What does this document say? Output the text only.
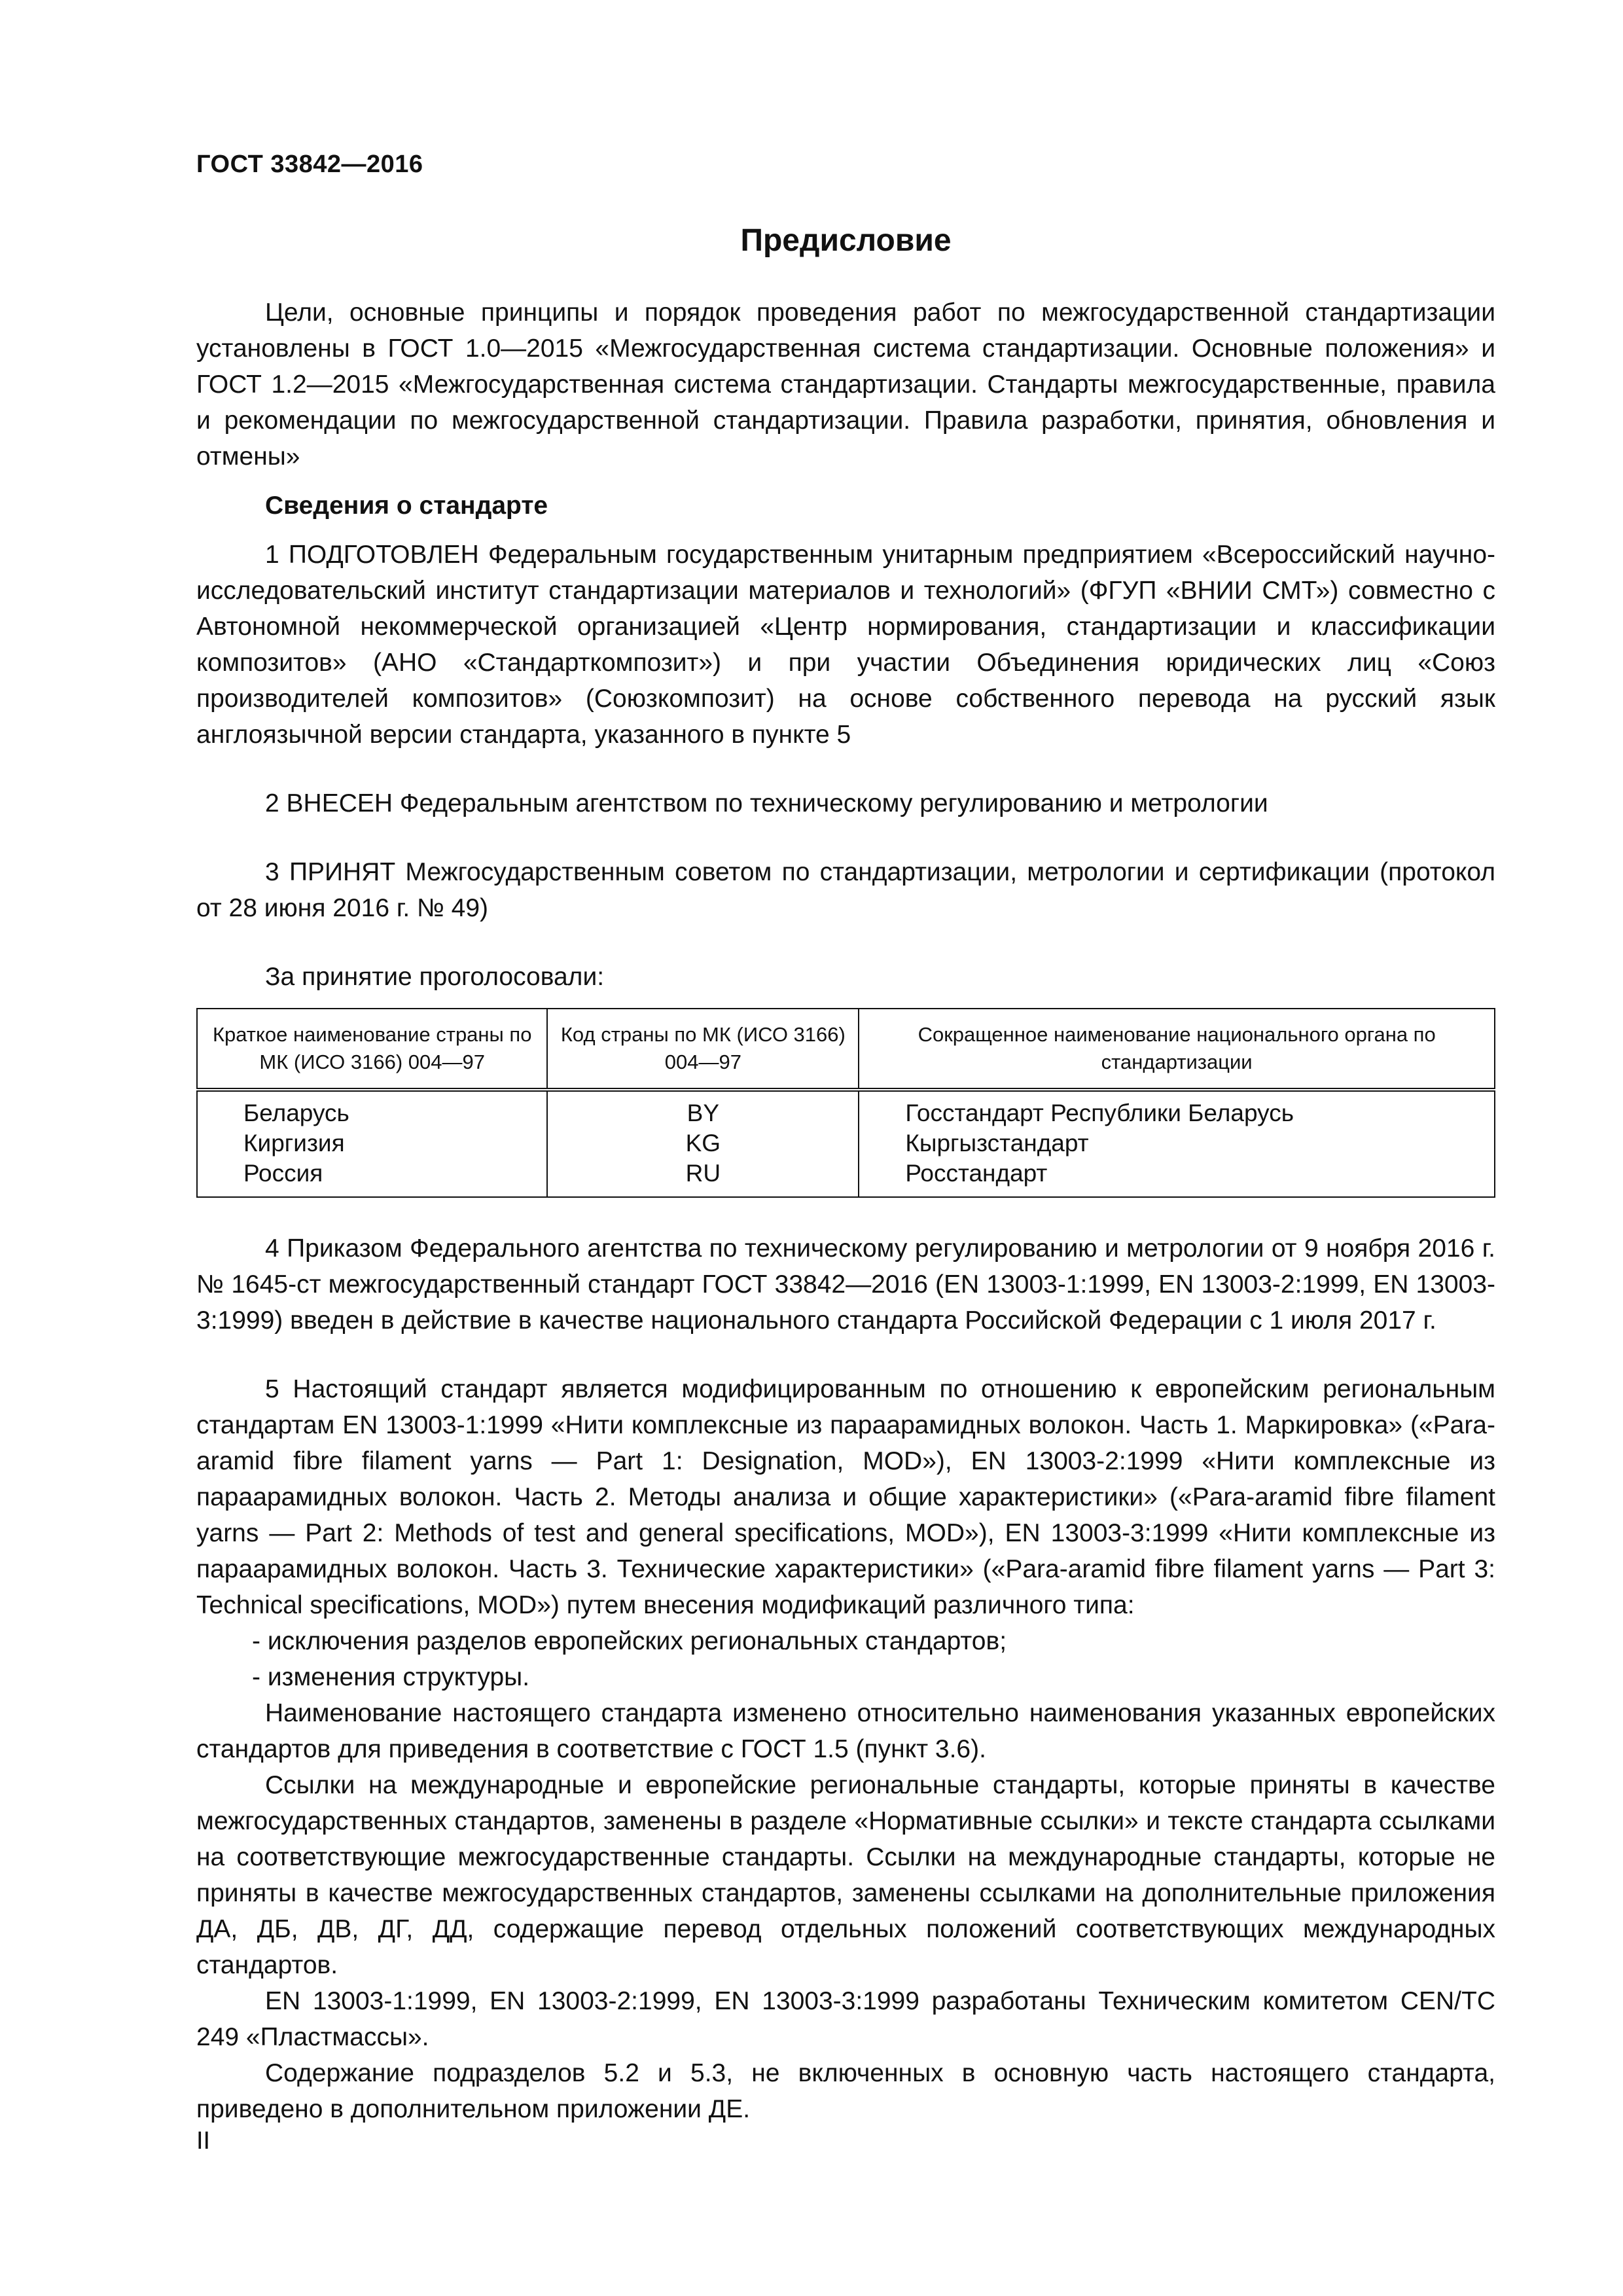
ГОСТ 33842—2016
Предисловие

Цели, основные принципы и порядок проведения работ по межгосударственной стандартизации установлены в ГОСТ 1.0—2015 «Межгосударственная система стандартизации. Основные положения» и ГОСТ 1.2—2015 «Межгосударственная система стандартизации. Стандарты межгосударственные, правила и рекомендации по межгосударственной стандартизации. Правила разработки, принятия, обновления и отмены»

Сведения о стандарте

1 ПОДГОТОВЛЕН Федеральным государственным унитарным предприятием «Всероссийский научно-исследовательский институт стандартизации материалов и технологий» (ФГУП «ВНИИ СМТ») совместно с Автономной некоммерческой организацией «Центр нормирования, стандартизации и классификации композитов» (АНО «Стандарткомпозит») и при участии Объединения юридических лиц «Союз производителей композитов» (Союзкомпозит) на основе собственного перевода на русский язык англоязычной версии стандарта, указанного в пункте 5

2 ВНЕСЕН Федеральным агентством по техническому регулированию и метрологии

3 ПРИНЯТ Межгосударственным советом по стандартизации, метрологии и сертификации (протокол от 28 июня 2016 г. № 49)

За принятие проголосовали:

Краткое наименование страны по МК (ИСО 3166) 004—97	Код страны по МК (ИСО 3166) 004—97	Сокращенное наименование национального органа по стандартизации
Беларусь	BY	Госстандарт Республики Беларусь
Киргизия	KG	Кыргызстандарт
Россия	RU	Росстандарт

4 Приказом Федерального агентства по техническому регулированию и метрологии от 9 ноября 2016 г. № 1645-ст межгосударственный стандарт ГОСТ 33842—2016 (EN 13003-1:1999, EN 13003-2:1999, EN 13003-3:1999) введен в действие в качестве национального стандарта Российской Федерации с 1 июля 2017 г.

5 Настоящий стандарт является модифицированным по отношению к европейским региональным стандартам EN 13003-1:1999 «Нити комплексные из параарамидных волокон. Часть 1. Маркировка» («Para-aramid fibre filament yarns — Part 1: Designation, MOD»), EN 13003-2:1999 «Нити комплексные из параарамидных волокон. Часть 2. Методы анализа и общие характеристики» («Para-aramid fibre filament yarns — Part 2: Methods of test and general specifications, MOD»), EN 13003-3:1999 «Нити комплексные из параарамидных волокон. Часть 3. Технические характеристики» («Para-aramid fibre filament yarns — Part 3: Technical specifications, MOD») путем внесения модификаций различного типа:

- исключения разделов европейских региональных стандартов;

- изменения структуры.

Наименование настоящего стандарта изменено относительно наименования указанных европейских стандартов для приведения в соответствие с ГОСТ 1.5 (пункт 3.6).

Ссылки на международные и европейские региональные стандарты, которые приняты в качестве межгосударственных стандартов, заменены в разделе «Нормативные ссылки» и тексте стандарта ссылками на соответствующие межгосударственные стандарты. Ссылки на международные стандарты, которые не приняты в качестве межгосударственных стандартов, заменены ссылками на дополнительные приложения ДА, ДБ, ДВ, ДГ, ДД, содержащие перевод отдельных положений соответствующих международных стандартов.

EN 13003-1:1999, EN 13003-2:1999, EN 13003-3:1999 разработаны Техническим комитетом CEN/TC 249 «Пластмассы».

Содержание подразделов 5.2 и 5.3, не включенных в основную часть настоящего стандарта, приведено в дополнительном приложении ДЕ.

II
